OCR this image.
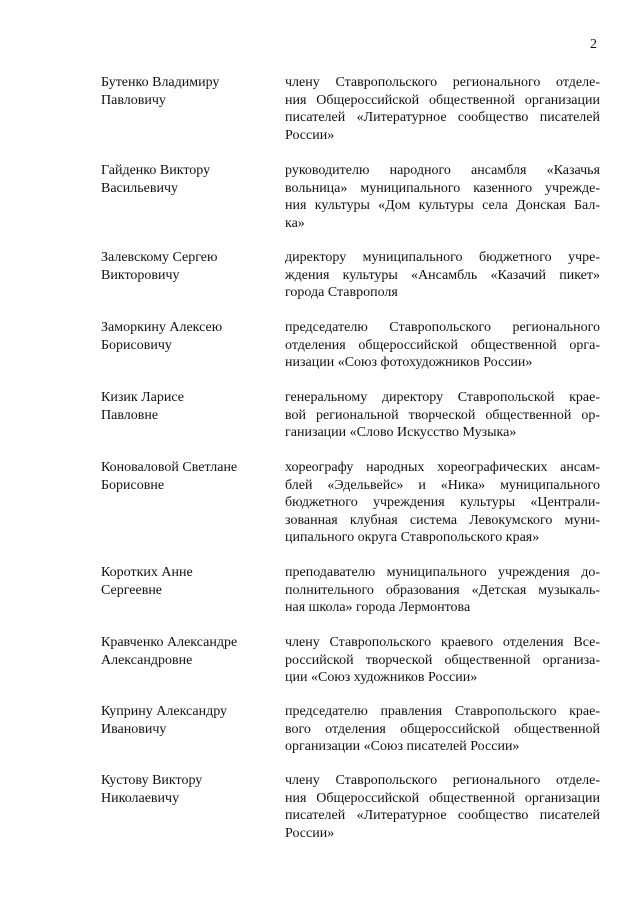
2
Бутенко Владимиру
Павловичу
члену Ставропольского регионального отделе-
ния Общероссийской общественной организации
писателей «Литературное сообщество писателей
России»
Гайденко Виктору
Васильевичу
руководителю народного ансамбля «Казачья
вольница» муниципального казенного учрежде-
ния культуры «Дом культуры села Донская Бал-
ка»
Залевскому Сергею
Викторовичу
директору муниципального бюджетного учре-
ждения культуры «Ансамбль «Казачий пикет»
города Ставрополя
Заморкину Алексею
Борисовичу
председателю Ставропольского регионального
отделения общероссийской общественной орга-
низации «Союз фотохудожников России»
Кизик Ларисе
Павловне
генеральному директору Ставропольской крае-
вой региональной творческой общественной ор-
ганизации «Слово Искусство Музыка»
Коноваловой Светлане
Борисовне
хореографу народных хореографических ансам-
блей «Эдельвейс» и «Ника» муниципального
бюджетного учреждения культуры «Централи-
зованная клубная система Левокумского муни-
ципального округа Ставропольского края»
Коротких Анне
Сергеевне
преподавателю муниципального учреждения до-
полнительного образования «Детская музыкаль-
ная школа» города Лермонтова
Кравченко Александре
Александровне
члену Ставропольского краевого отделения Все-
российской творческой общественной организа-
ции «Союз художников России»
Куприну Александру
Ивановичу
председателю правления Ставропольского крае-
вого отделения общероссийской общественной
организации «Союз писателей России»
Кустову Виктору
Николаевичу
члену Ставропольского регионального отделе-
ния Общероссийской общественной организации
писателей «Литературное сообщество писателей
России»
